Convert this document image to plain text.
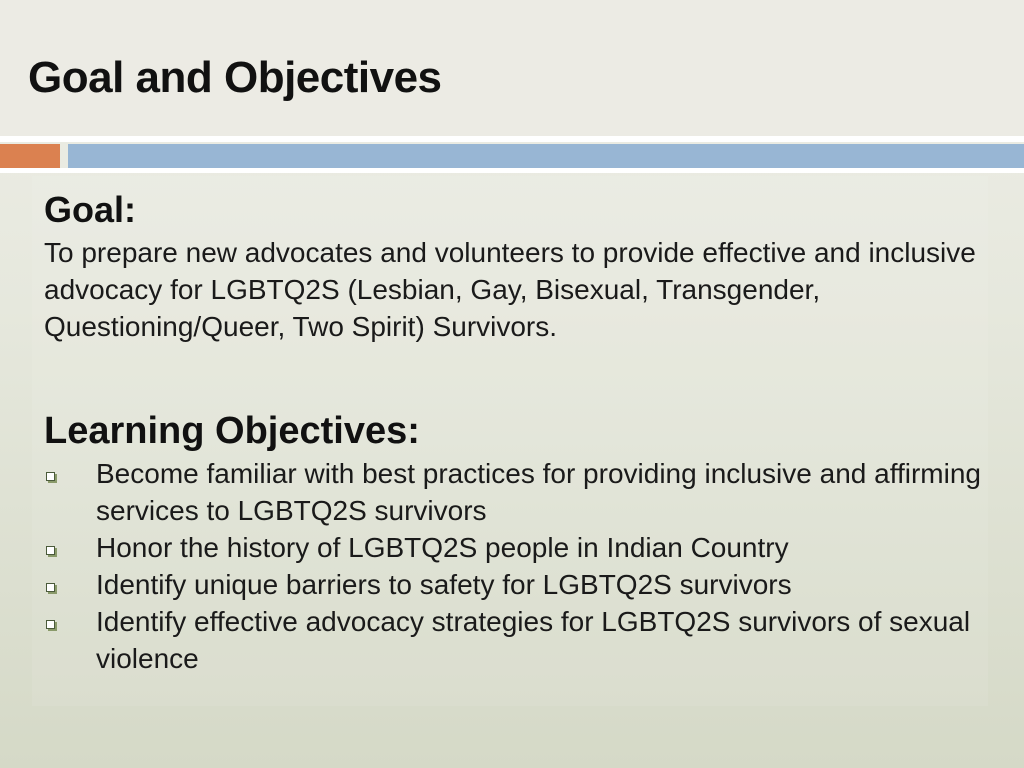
Goal and Objectives
Goal:

To prepare new advocates and volunteers to provide effective and inclusive advocacy for LGBTQ2S (Lesbian, Gay, Bisexual, Transgender, Questioning/Queer, Two Spirit) Survivors.

Learning Objectives:
Become familiar with best practices for providing inclusive and affirming services to LGBTQ2S survivors
Honor the history of LGBTQ2S people in Indian Country
Identify unique barriers to safety for LGBTQ2S survivors
Identify effective advocacy strategies for LGBTQ2S survivors of sexual violence
